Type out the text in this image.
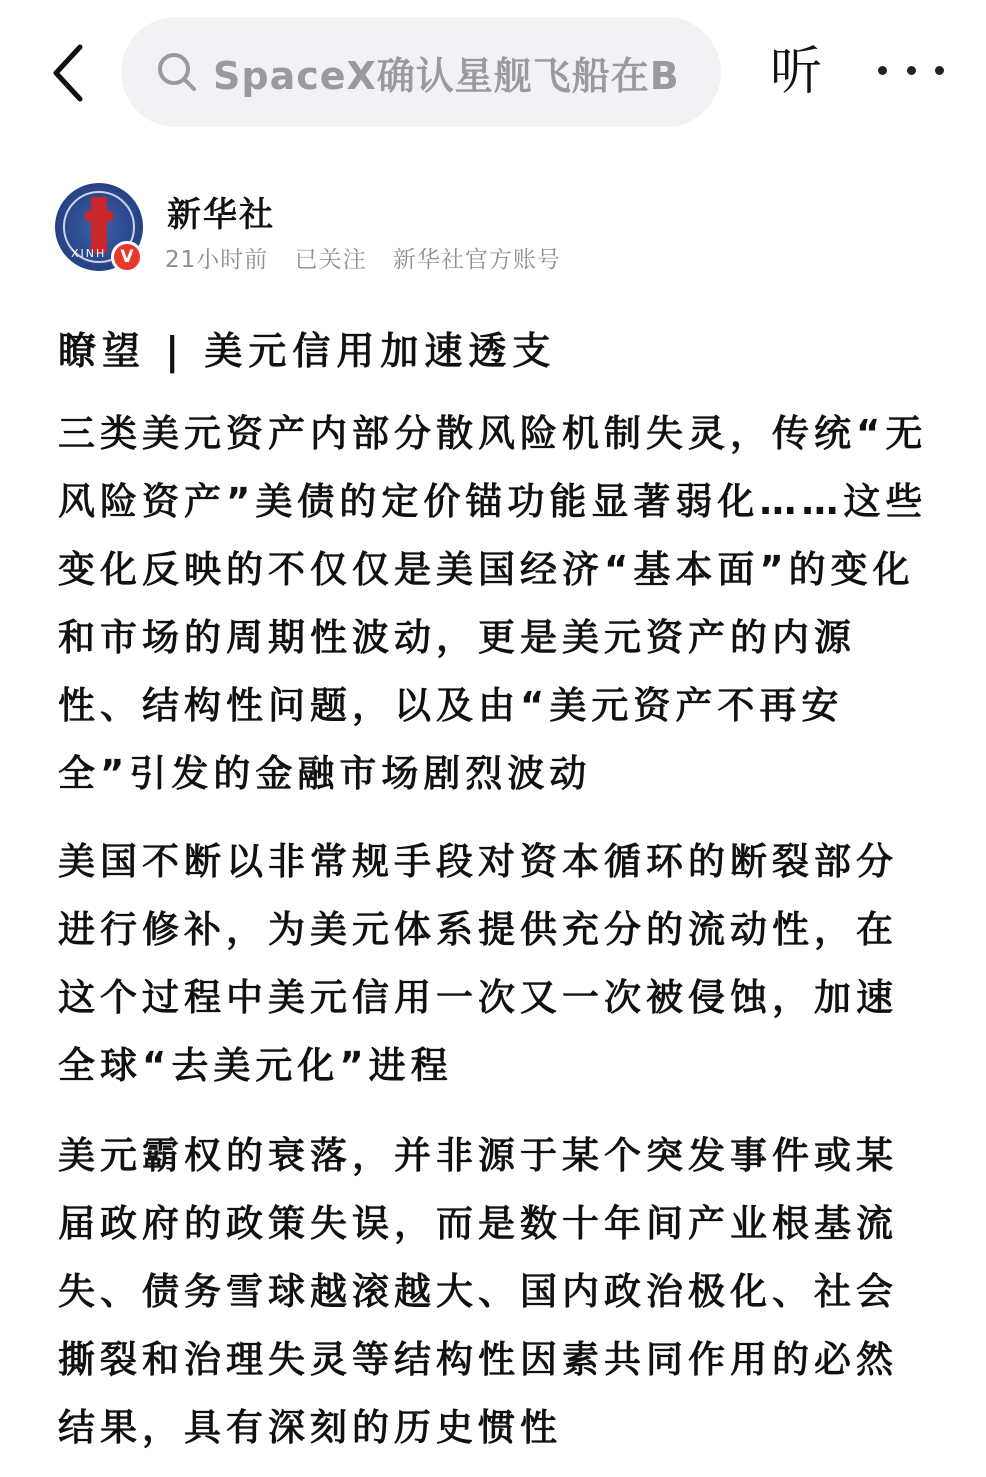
SpaceX确认星舰飞船在B 听
XINH V
新华社
21小时前 已关注 新华社官方账号
瞭望 | 美元信用加速透支

三类美元资产内部分散风险机制失灵，传统“无风险资产”美债的定价锚功能显著弱化……这些变化反映的不仅仅是美国经济“基本面”的变化和市场的周期性波动，更是美元资产的内源性、结构性问题，以及由“美元资产不再安全”引发的金融市场剧烈波动

美国不断以非常规手段对资本循环的断裂部分进行修补，为美元体系提供充分的流动性，在这个过程中美元信用一次又一次被侵蚀，加速全球“去美元化”进程

美元霸权的衰落，并非源于某个突发事件或某届政府的政策失误，而是数十年间产业根基流失、债务雪球越滚越大、国内政治极化、社会撕裂和治理失灵等结构性因素共同作用的必然结果，具有深刻的历史惯性
